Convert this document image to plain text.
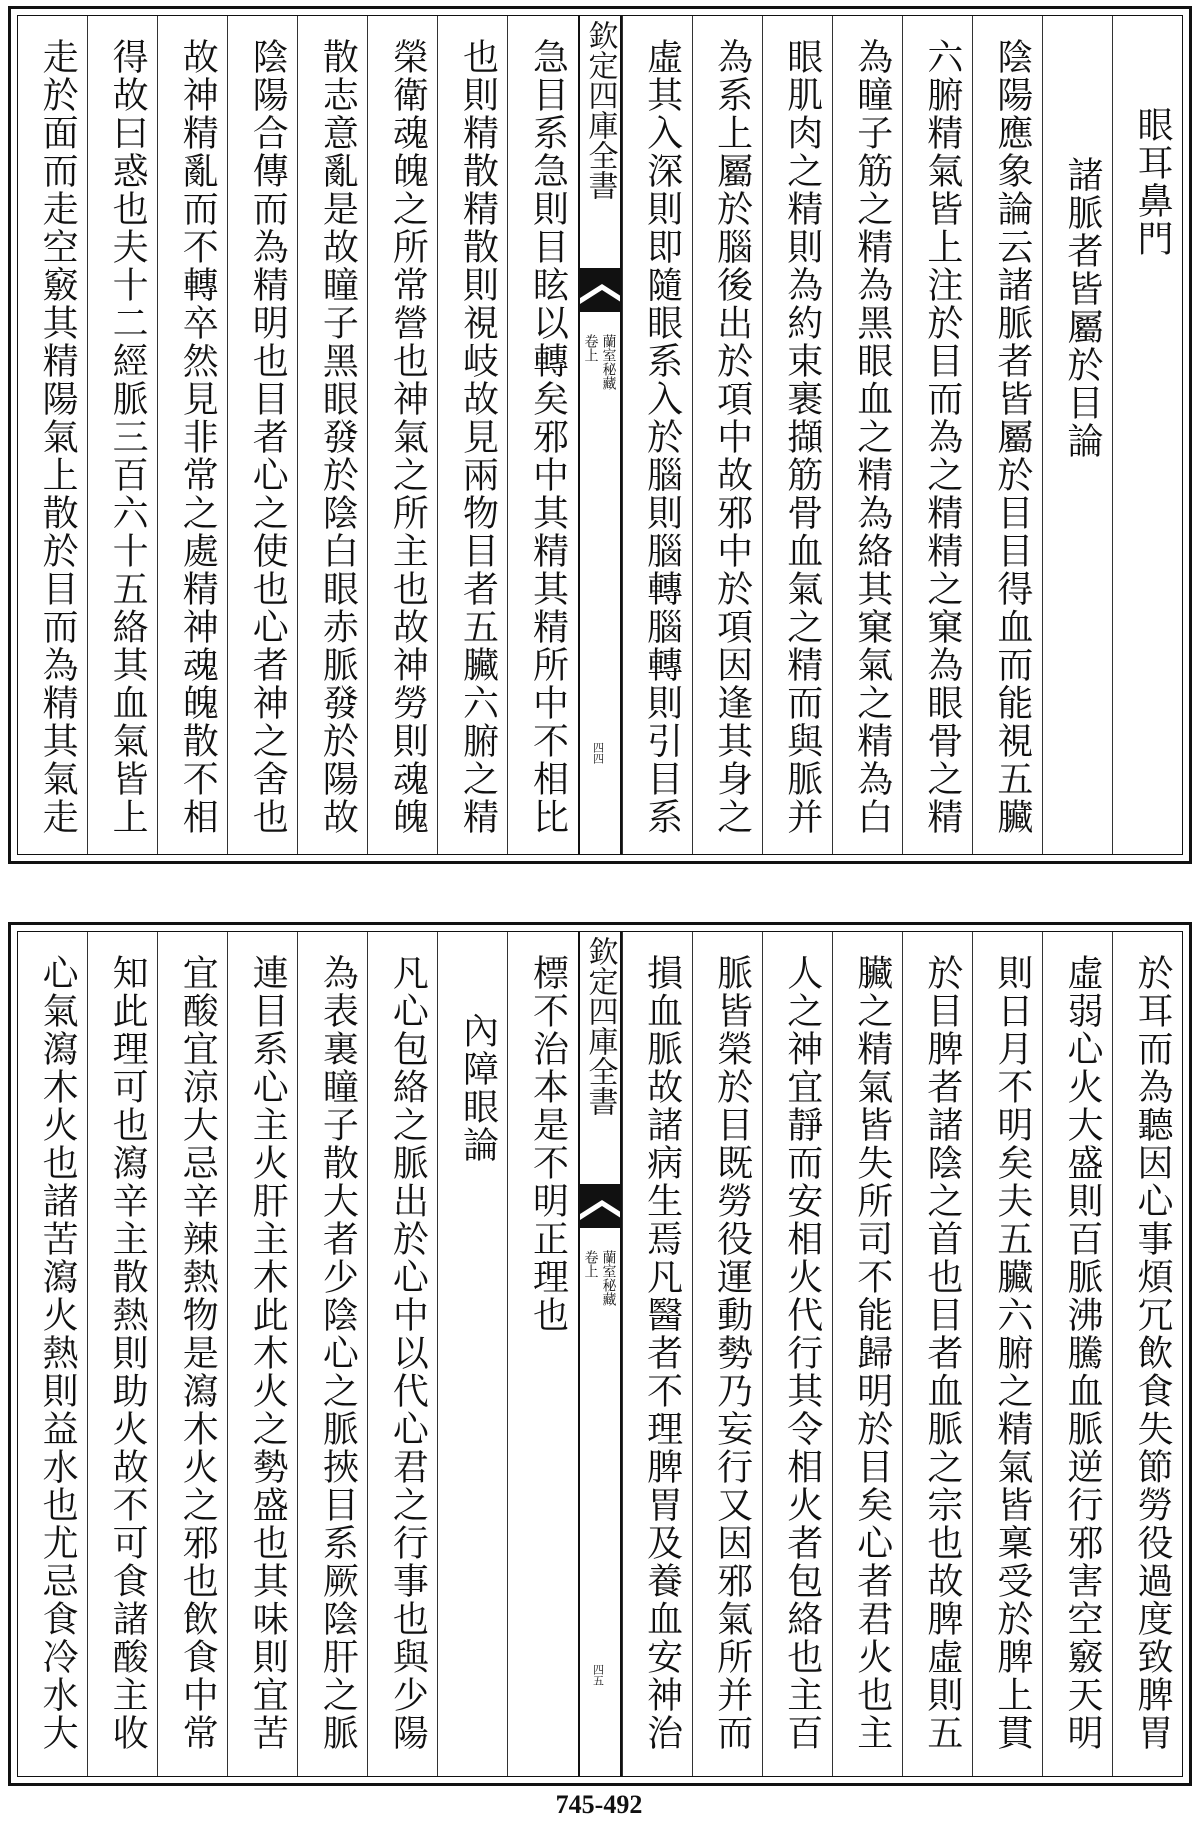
眼耳鼻門
諸脈者皆屬於目論
陰陽應象論云諸脈者皆屬於目目得血而能視五臟
六腑精氣皆上注於目而為之精精之窠為眼骨之精
為瞳子筋之精為黑眼血之精為絡其窠氣之精為白
眼肌肉之精則為約束裹擷筋骨血氣之精而與脈并
為系上屬於腦後出於項中故邪中於項因逢其身之
虛其入深則即隨眼系入於腦則腦轉腦轉則引目系
欽定四庫全書
蘭室秘藏
卷上
四四
急目系急則目眩以轉矣邪中其精其精所中不相比
也則精散精散則視岐故見兩物目者五臟六腑之精
榮衛魂魄之所常營也神氣之所主也故神勞則魂魄
散志意亂是故瞳子黑眼發於陰白眼赤脈發於陽故
陰陽合傳而為精明也目者心之使也心者神之舍也
故神精亂而不轉卒然見非常之處精神魂魄散不相
得故曰惑也夫十二經脈三百六十五絡其血氣皆上
走於面而走空竅其精陽氣上散於目而為精其氣走
於耳而為聽因心事煩冗飲食失節勞役過度致脾胃
虛弱心火大盛則百脈沸騰血脈逆行邪害空竅天明
則日月不明矣夫五臟六腑之精氣皆稟受於脾上貫
於目脾者諸陰之首也目者血脈之宗也故脾虛則五
臟之精氣皆失所司不能歸明於目矣心者君火也主
人之神宜靜而安相火代行其令相火者包絡也主百
脈皆榮於目既勞役運動勢乃妄行又因邪氣所并而
損血脈故諸病生焉凡醫者不理脾胃及養血安神治
欽定四庫全書
蘭室秘藏
卷上
四五
標不治本是不明正理也
內障眼論
凡心包絡之脈出於心中以代心君之行事也與少陽
為表裏瞳子散大者少陰心之脈挾目系厥陰肝之脈
連目系心主火肝主木此木火之勢盛也其味則宜苦
宜酸宜涼大忌辛辣熱物是瀉木火之邪也飲食中常
知此理可也瀉辛主散熱則助火故不可食諸酸主收
心氣瀉木火也諸苦瀉火熱則益水也尤忌食冷水大
745-492
